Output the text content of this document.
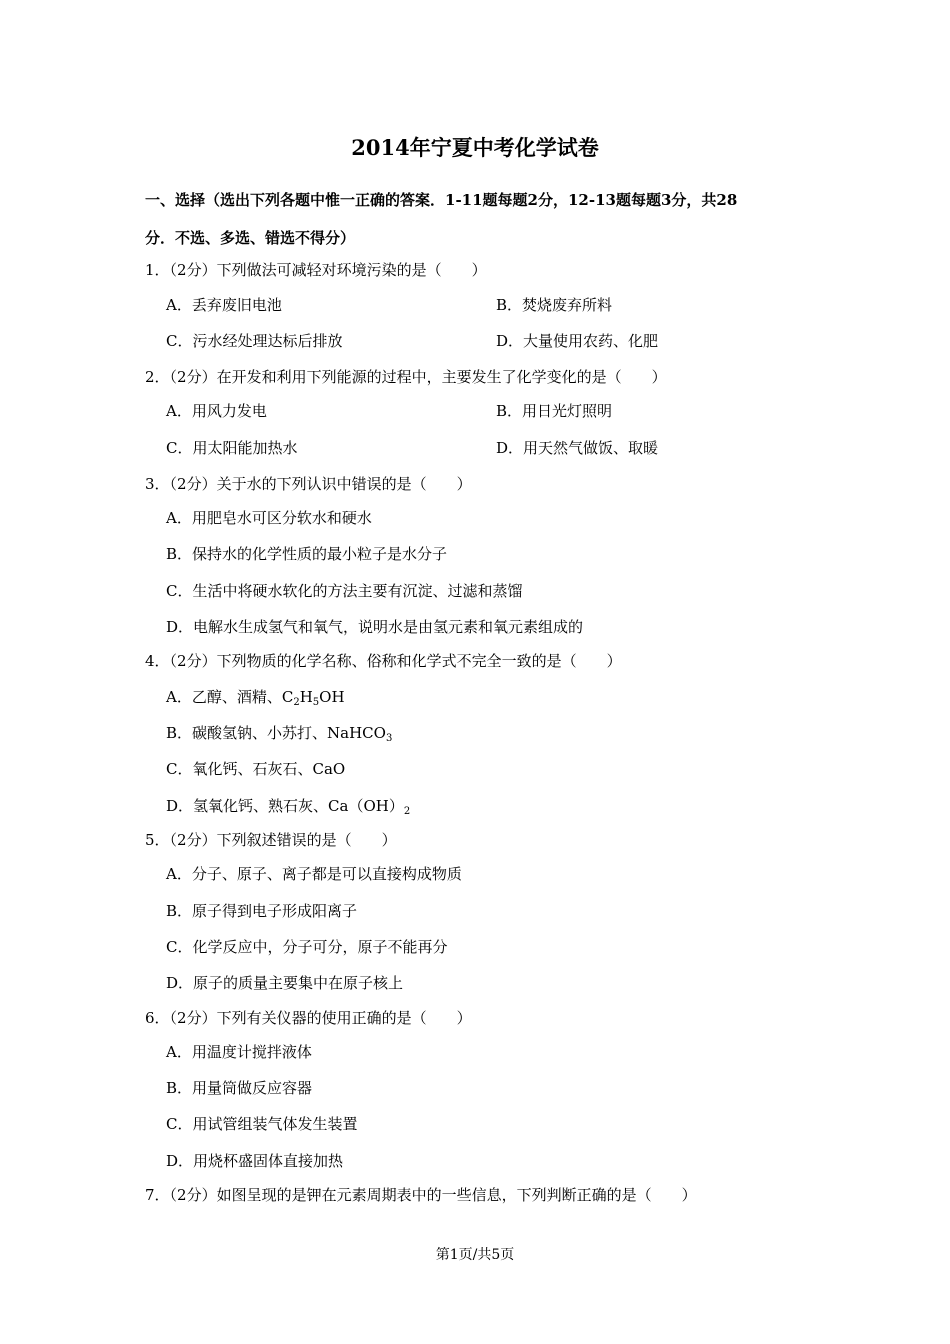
2014年宁夏中考化学试卷
一、选择（选出下列各题中惟一正确的答案．1-11题每题2分，12-13题每题3分，共28
分．不选、多选、错选不得分）
1．（2分）下列做法可减轻对环境污染的是（　　）
A．丢弃废旧电池	B．焚烧废弃所料
C．污水经处理达标后排放	D．大量使用农药、化肥
2．（2分）在开发和利用下列能源的过程中，主要发生了化学变化的是（　　）
A．用风力发电	B．用日光灯照明
C．用太阳能加热水	D．用天然气做饭、取暖
3．（2分）关于水的下列认识中错误的是（　　）
A．用肥皂水可区分软水和硬水
B．保持水的化学性质的最小粒子是水分子
C．生活中将硬水软化的方法主要有沉淀、过滤和蒸馏
D．电解水生成氢气和氧气，说明水是由氢元素和氧元素组成的
4．（2分）下列物质的化学名称、俗称和化学式不完全一致的是（　　）
A．乙醇、酒精、$C_2H_5OH$
B．碳酸氢钠、小苏打、NaHCO$_3$
C．氧化钙、石灰石、CaO
D．氢氧化钙、熟石灰、$Ca(OH)_2$
5．（2分）下列叙述错误的是（　　）
A．分子、原子、离子都是可以直接构成物质
B．原子得到电子形成阳离子
C．化学反应中，分子可分，原子不能再分
D．原子的质量主要集中在原子核上
6．（2分）下列有关仪器的使用正确的是（　　）
A．用温度计搅拌液体
B．用量筒做反应容器
C．用试管组装气体发生装置
D．用烧杯盛固体直接加热
7．（2分）如图呈现的是钾在元素周期表中的一些信息，下列判断正确的是（　　）
第1页/共5页
